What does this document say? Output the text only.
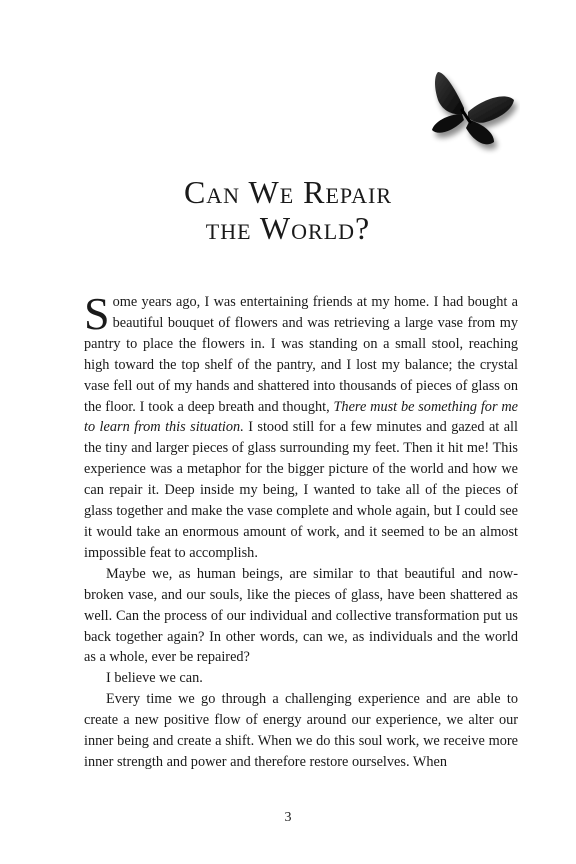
Can We Repair
the World?

Some years ago, I was entertaining friends at my home. I had bought a beautiful bouquet of flowers and was retrieving a large vase from my pantry to place the flowers in. I was standing on a small stool, reaching high toward the top shelf of the pantry, and I lost my balance; the crystal vase fell out of my hands and shattered into thousands of pieces of glass on the floor. I took a deep breath and thought, There must be something for me to learn from this situation. I stood still for a few minutes and gazed at all the tiny and larger pieces of glass surrounding my feet. Then it hit me! This experience was a metaphor for the bigger picture of the world and how we can repair it. Deep inside my being, I wanted to take all of the pieces of glass together and make the vase complete and whole again, but I could see it would take an enormous amount of work, and it seemed to be an almost impossible feat to accomplish.

Maybe we, as human beings, are similar to that beautiful and now-broken vase, and our souls, like the pieces of glass, have been shattered as well. Can the process of our individual and collective transformation put us back together again? In other words, can we, as individuals and the world as a whole, ever be repaired?

I believe we can.

Every time we go through a challenging experience and are able to create a new positive flow of energy around our experience, we alter our inner being and create a shift. When we do this soul work, we receive more inner strength and power and therefore restore ourselves. When

3
